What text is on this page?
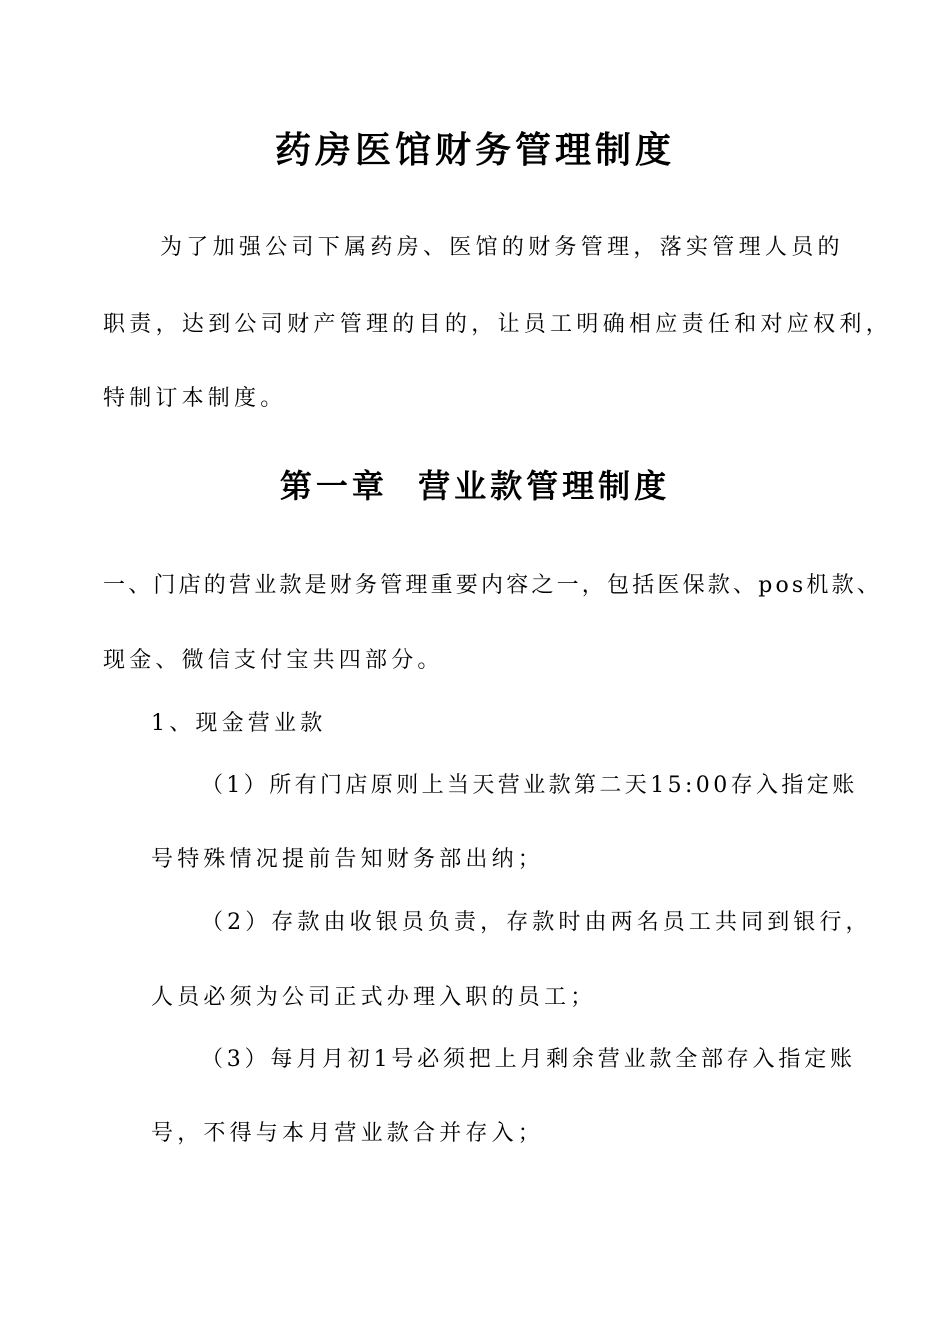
药房医馆财务管理制度
为了加强公司下属药房、医馆的财务管理，落实管理人员的
职责，达到公司财产管理的目的，让员工明确相应责任和对应权利，
特制订本制度。
第一章  营业款管理制度
一、门店的营业款是财务管理重要内容之一，包括医保款、pos机款、
现金、微信支付宝共四部分。
1、现金营业款
（1）所有门店原则上当天营业款第二天15:00存入指定账
号特殊情况提前告知财务部出纳；
（2）存款由收银员负责，存款时由两名员工共同到银行，
人员必须为公司正式办理入职的员工；
（3）每月月初1号必须把上月剩余营业款全部存入指定账
号，不得与本月营业款合并存入；
